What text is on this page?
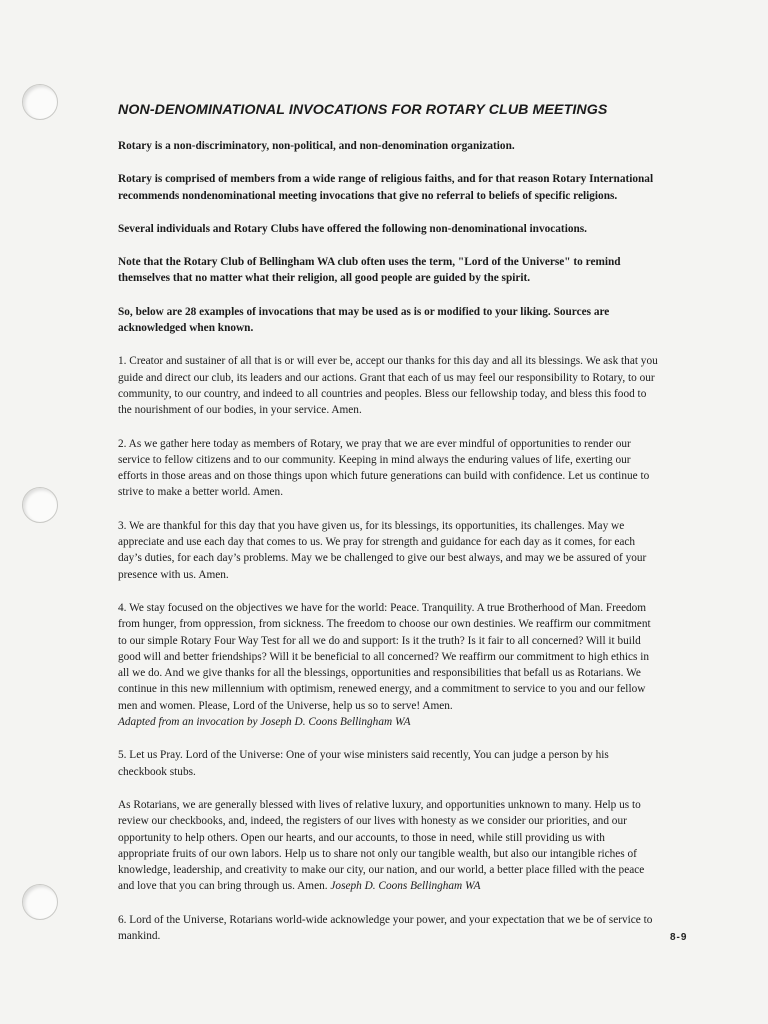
NON-DENOMINATIONAL INVOCATIONS FOR ROTARY CLUB MEETINGS

Rotary is a non-discriminatory, non-political, and non-denomination organization.

Rotary is comprised of members from a wide range of religious faiths, and for that reason Rotary International recommends nondenominational meeting invocations that give no referral to beliefs of specific religions.

Several individuals and Rotary Clubs have offered the following non-denominational invocations.

Note that the Rotary Club of Bellingham WA club often uses the term, "Lord of the Universe" to remind themselves that no matter what their religion, all good people are guided by the spirit.

So, below are 28 examples of invocations that may be used as is or modified to your liking. Sources are acknowledged when known.

1. Creator and sustainer of all that is or will ever be, accept our thanks for this day and all its blessings. We ask that you guide and direct our club, its leaders and our actions. Grant that each of us may feel our responsibility to Rotary, to our community, to our country, and indeed to all countries and peoples. Bless our fellowship today, and bless this food to the nourishment of our bodies, in your service. Amen.

2. As we gather here today as members of Rotary, we pray that we are ever mindful of opportunities to render our service to fellow citizens and to our community. Keeping in mind always the enduring values of life, exerting our efforts in those areas and on those things upon which future generations can build with confidence. Let us continue to strive to make a better world. Amen.

3. We are thankful for this day that you have given us, for its blessings, its opportunities, its challenges. May we appreciate and use each day that comes to us. We pray for strength and guidance for each day as it comes, for each day’s duties, for each day’s problems. May we be challenged to give our best always, and may we be assured of your presence with us. Amen.

4. We stay focused on the objectives we have for the world: Peace. Tranquility. A true Brotherhood of Man. Freedom from hunger, from oppression, from sickness. The freedom to choose our own destinies. We reaffirm our commitment to our simple Rotary Four Way Test for all we do and support: Is it the truth? Is it fair to all concerned? Will it build good will and better friendships? Will it be beneficial to all concerned? We reaffirm our commitment to high ethics in all we do. And we give thanks for all the blessings, opportunities and responsibilities that befall us as Rotarians. We continue in this new millennium with optimism, renewed energy, and a commitment to service to you and our fellow men and women. Please, Lord of the Universe, help us so to serve! Amen.
Adapted from an invocation by Joseph D. Coons Bellingham WA

5. Let us Pray. Lord of the Universe: One of your wise ministers said recently, You can judge a person by his checkbook stubs.

As Rotarians, we are generally blessed with lives of relative luxury, and opportunities unknown to many. Help us to review our checkbooks, and, indeed, the registers of our lives with honesty as we consider our priorities, and our opportunity to help others. Open our hearts, and our accounts, to those in need, while still providing us with appropriate fruits of our own labors. Help us to share not only our tangible wealth, but also our intangible riches of knowledge, leadership, and creativity to make our city, our nation, and our world, a better place filled with the peace and love that you can bring through us. Amen. Joseph D. Coons Bellingham WA

6. Lord of the Universe, Rotarians world-wide acknowledge your power, and your expectation that we be of service to mankind.	8-9
